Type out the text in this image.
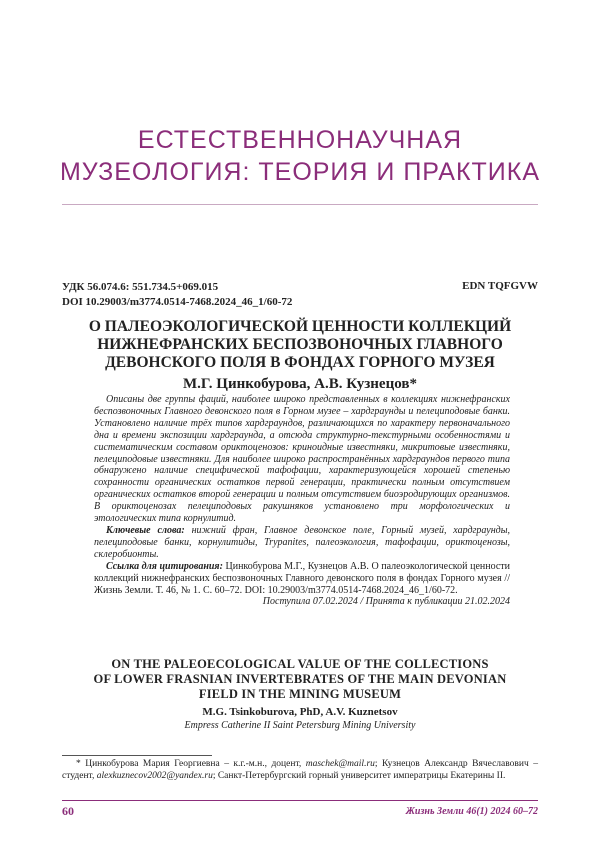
ЕСТЕСТВЕННОНАУЧНАЯ
МУЗЕОЛОГИЯ: ТЕОРИЯ И ПРАКТИКА
УДК 56.074.6: 551.734.5+069.015
DOI 10.29003/m3774.0514-7468.2024_46_1/60-72
EDN TQFGVW
О ПАЛЕОЭКОЛОГИЧЕСКОЙ ЦЕННОСТИ КОЛЛЕКЦИЙ
НИЖНЕФРАНСКИХ БЕСПОЗВОНОЧНЫХ ГЛАВНОГО
ДЕВОНСКОГО ПОЛЯ В ФОНДАХ ГОРНОГО МУЗЕЯ
М.Г. Цинкобурова, А.В. Кузнецов*

Описаны две группы фаций, наиболее широко представленных в коллекциях нижнефранских беспозвоночных Главного девонского поля в Горном музее – хардграунды и пелециподовые банки. Установлено наличие трёх типов хардграундов, различающихся по характеру первоначального дна и времени экспозиции хардграунда, а отсюда структурно-текстурными особенностями и систематическим составом ориктоценозов: криноидные известняки, микритовые известняки, пелециподовые известняки. Для наиболее широко распространённых хардграундов первого типа обнаружено наличие специфической тафофации, характеризующейся хорошей степенью сохранности органических остатков первой генерации, практически полным отсутствием органических остатков второй генерации и полным отсутствием биоэродирующих организмов. В ориктоценозах пелециподовых ракушняков установлено три морфологических и этологических типа корнулитид.

Ключевые слова: нижний фран, Главное девонское поле, Горный музей, хардграунды, пелециподовые банки, корнулитиды, Trypanites, палеоэкология, тафофации, ориктоценозы, склеробионты.

Ссылка для цитирования: Цинкобурова М.Г., Кузнецов А.В. О палеоэкологической ценности коллекций нижнефранских беспозвоночных Главного девонского поля в фондах Горного музея // Жизнь Земли. Т. 46, № 1. С. 60–72. DOI: 10.29003/m3774.0514-7468.2024_46_1/60-72.

Поступила 07.02.2024 / Принята к публикации 21.02.2024

ON THE PALEOECOLOGICAL VALUE OF THE COLLECTIONS
OF LOWER FRASNIAN INVERTEBRATES OF THE MAIN DEVONIAN
FIELD IN THE MINING MUSEUM
M.G. Tsinkoburova, PhD, A.V. Kuznetsov
Empress Catherine II Saint Petersburg Mining University

* Цинкобурова Мария Георгиевна – к.г.-м.н., доцент, maschek@mail.ru; Кузнецов Александр Вячеславович – студент, alexkuznecov2002@yandex.ru; Санкт-Петербургский горный университет императрицы Екатерины II.

60	Жизнь Земли 46(1) 2024 60–72
